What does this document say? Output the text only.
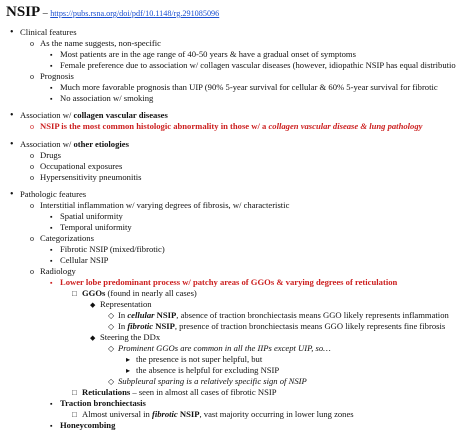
NSIP – https://pubs.rsna.org/doi/pdf/10.1148/rg.291085096
• Clinical features
o As the name suggests, non-specific
▪ Most patients are in the age range of 40-50 years & have a gradual onset of symptoms
▪ Female preference due to association w/ collagen vascular diseases (however, idiopathic NSIP has equal distributio
o Prognosis
▪ Much more favorable prognosis than UIP (90% 5-year survival for cellular & 60% 5-year survival for fibrotic
▪ No association w/ smoking
• Association w/ collagen vascular diseases
o NSIP is the most common histologic abnormality in those w/ a collagen vascular disease & lung pathology
• Association w/ other etiologies
o Drugs
o Occupational exposures
o Hypersensitivity pneumonitis
• Pathologic features
o Interstitial inflammation w/ varying degrees of fibrosis, w/ characteristic
▪ Spatial uniformity
▪ Temporal uniformity
o Categorizations
▪ Fibrotic NSIP (mixed/fibrotic)
▪ Cellular NSIP
o Radiology
▪ Lower lobe predominant process w/ patchy areas of GGOs & varying degrees of reticulation
□ GGOs (found in nearly all cases)
◆ Representation
◇ In cellular NSIP, absence of traction bronchiectasis means GGO likely represents inflammation
◇ In fibrotic NSIP, presence of traction bronchiectasis means GGO likely represents fine fibrosis
◆ Steering the DDx
◇ Prominent GGOs are common in all the IIPs except UIP, so…
▸ the presence is not super helpful, but
▸ the absence is helpful for excluding NSIP
◇ Subpleural sparing is a relatively specific sign of NSIP
□ Reticulations – seen in almost all cases of fibrotic NSIP
▪ Traction bronchiectasis
□ Almost universal in fibrotic NSIP, vast majority occurring in lower lung zones
▪ Honeycombing
